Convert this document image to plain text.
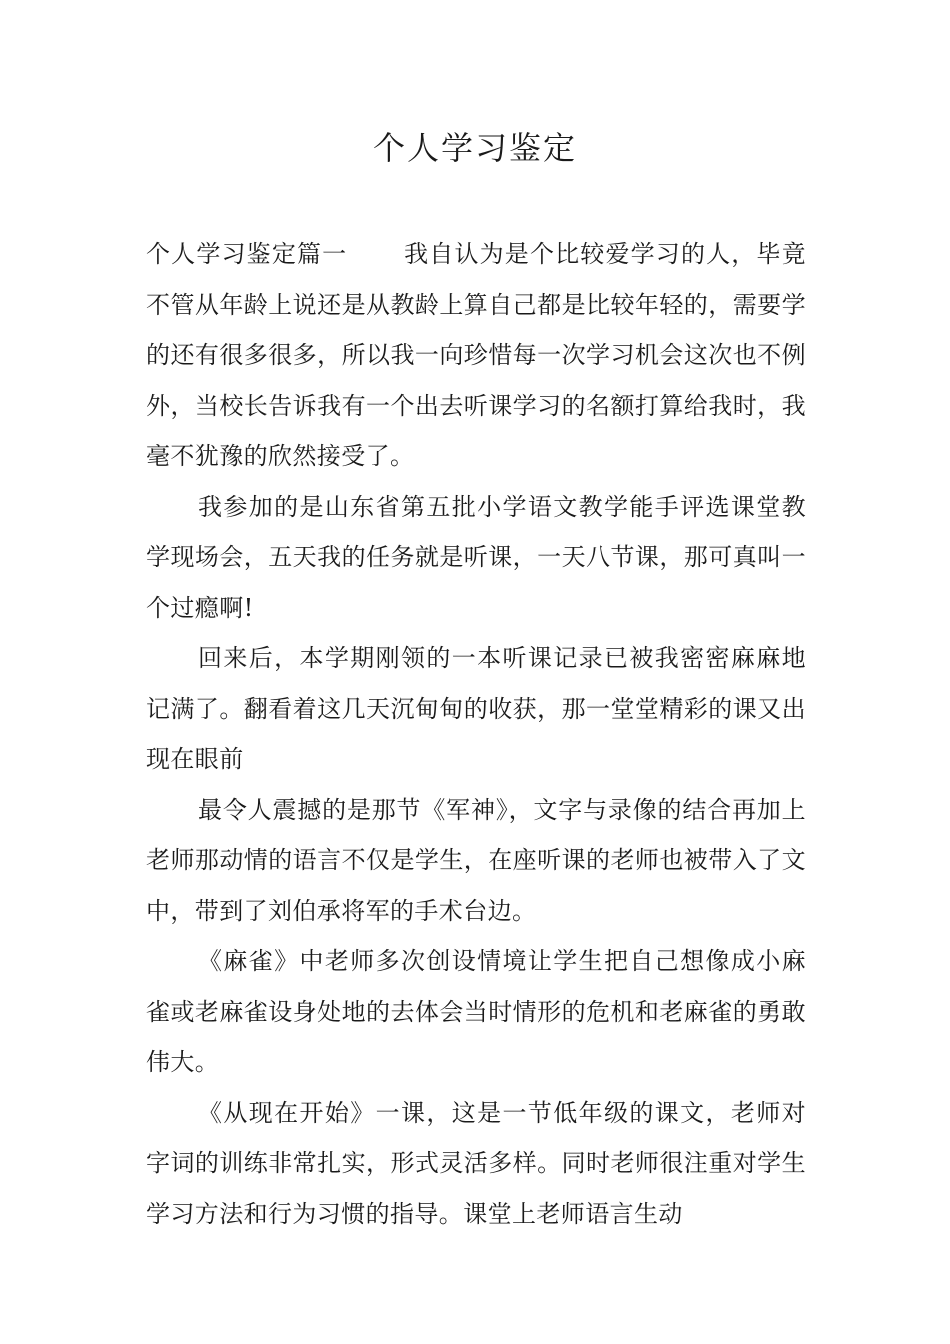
个人学习鉴定

个人学习鉴定篇一 我自认为是个比较爱学习的人，毕竟不管从年龄上说还是从教龄上算自己都是比较年轻的，需要学的还有很多很多，所以我一向珍惜每一次学习机会这次也不例外，当校长告诉我有一个出去听课学习的名额打算给我时，我毫不犹豫的欣然接受了。

我参加的是山东省第五批小学语文教学能手评选课堂教学现场会，五天我的任务就是听课，一天八节课，那可真叫一个过瘾啊!

回来后，本学期刚领的一本听课记录已被我密密麻麻地记满了。翻看着这几天沉甸甸的收获，那一堂堂精彩的课又出现在眼前

最令人震撼的是那节《军神》，文字与录像的结合再加上老师那动情的语言不仅是学生，在座听课的老师也被带入了文中，带到了刘伯承将军的手术台边。

《麻雀》中老师多次创设情境让学生把自己想像成小麻雀或老麻雀设身处地的去体会当时情形的危机和老麻雀的勇敢伟大。

《从现在开始》一课，这是一节低年级的课文，老师对字词的训练非常扎实，形式灵活多样。同时老师很注重对学生学习方法和行为习惯的指导。课堂上老师语言生动
